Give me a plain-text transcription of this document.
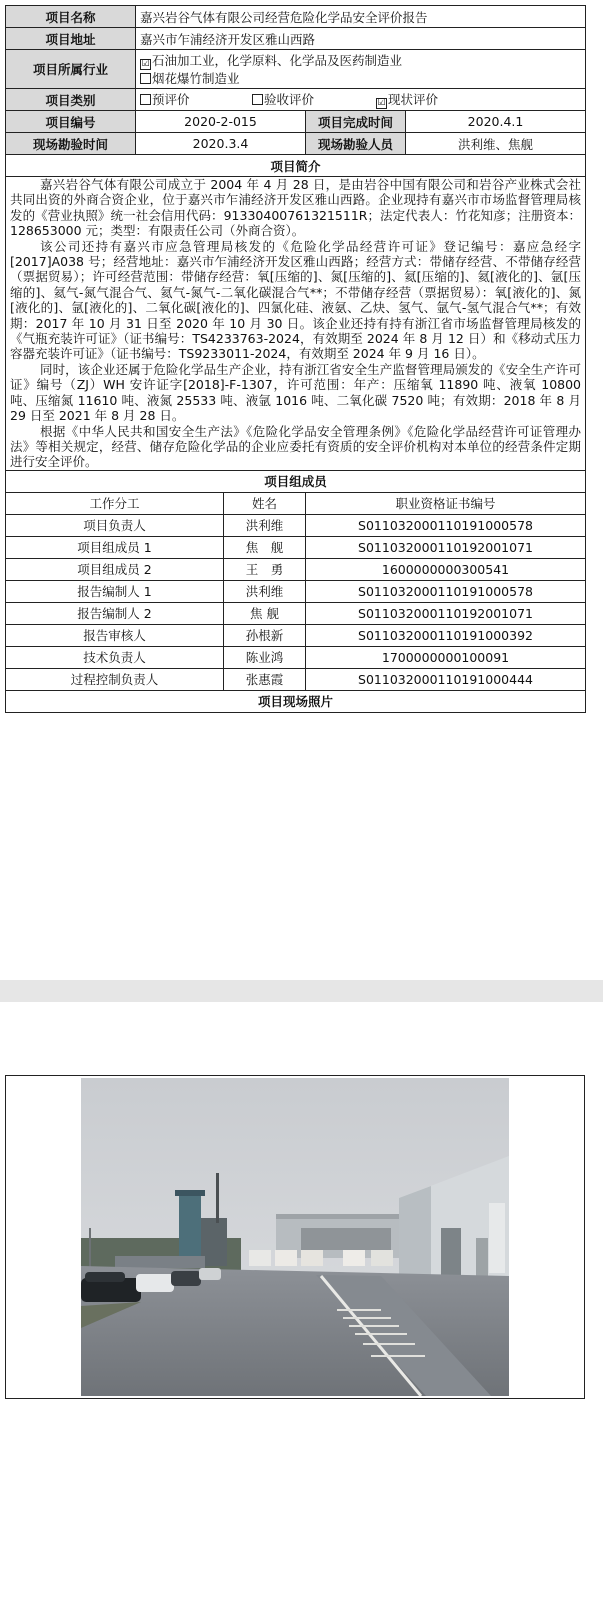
项目名称	嘉兴岩谷气体有限公司经营危险化学品安全评价报告			
项目地址	嘉兴市乍浦经济开发区雅山西路			
项目所属行业	☑ 石油加工业，化学原料、化学品及医药制造业
烟花爆竹制造业			

项目类别	预评价 验收评价 ☑ 现状评价			
项目编号	2020-2-015		项目完成时间	2020.4.1
现场勘验时间	2020.3.4		现场勘验人员	洪利维、焦舰
项目简介				

嘉兴岩谷气体有限公司成立于 2004 年 4 月 28 日，是由岩谷中国有限公司和岩谷产业株式会社共同出资的外商合资企业，位于嘉兴市乍浦经济开发区雅山西路。企业现持有嘉兴市市场监督管理局核发的《营业执照》统一社会信用代码：91330400761321511R；法定代表人：竹花知彦；注册资本：128653000 元；类型：有限责任公司（外商合资）。

该公司还持有嘉兴市应急管理局核发的《危险化学品经营许可证》登记编号：嘉应急经字[2017]A038 号；经营地址：嘉兴市乍浦经济开发区雅山西路；经营方式：带储存经营、不带储存经营（票据贸易）；许可经营范围：带储存经营：氧[压缩的]、氮[压缩的]、氦[压缩的]、氦[液化的]、氩[压缩的]、氦气-氮气混合气、氦气-氮气-二氧化碳混合气**；不带储存经营（票据贸易）：氧[液化的]、氮[液化的]、氩[液化的]、二氧化碳[液化的]、四氯化硅、液氨、乙炔、氢气、氩气-氢气混合气**；有效期：2017 年 10 月 31 日至 2020 年 10 月 30 日。该企业还持有持有浙江省市场监督管理局核发的《气瓶充装许可证》（证书编号：TS4233763-2024，有效期至 2024 年 8 月 12 日）和《移动式压力容器充装许可证》（证书编号：TS9233011-2024，有效期至 2024 年 9 月 16 日）。

同时，该企业还属于危险化学品生产企业，持有浙江省安全生产监督管理局颁发的《安全生产许可证》编号（ZJ）WH 安许证字[2018]-F-1307，许可范围：年产：压缩氧 11890 吨、液氧 10800 吨、压缩氮 11610 吨、液氮 25533 吨、液氩 1016 吨、二氧化碳 7520 吨；有效期：2018 年 8 月 29 日至 2021 年 8 月 28 日。

根据《中华人民共和国安全生产法》《危险化学品安全管理条例》《危险化学品经营许可证管理办法》等相关规定，经营、储存危险化学品的企业应委托有资质的安全评价机构对本单位的经营条件定期进行安全评价。				

项目组成员				
工作分工		姓名	职业资格证书编号	
项目负责人		洪利维	S011032000110191000578	
项目组成员 1		焦　舰	S011032000110192001071	
项目组成员 2		王　勇	1600000000300541	
报告编制人 1		洪利维	S011032000110191000578	
报告编制人 2		焦 舰	S011032000110192001071	
报告审核人		孙根新	S011032000110191000392	
技术负责人		陈业鸿	1700000000100091	
过程控制负责人		张惠霞	S011032000110191000444	
项目现场照片				
